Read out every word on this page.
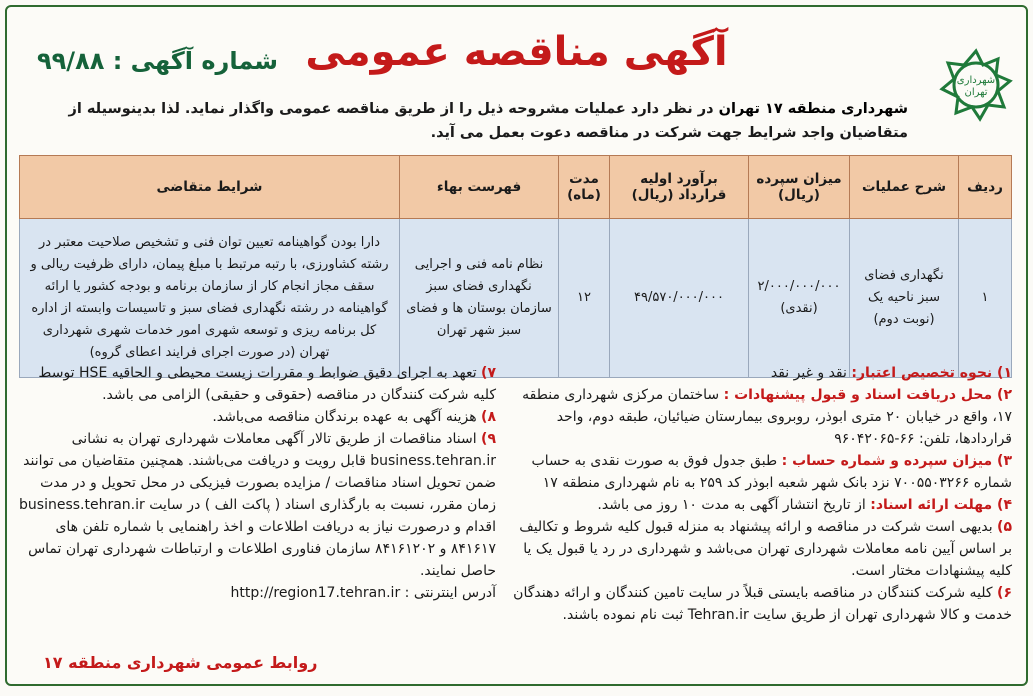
شهرداری
تهران
آگهی مناقصه عمومی
شماره آگهی : ۹۹/۸۸
شهرداری منطقه ۱۷ تهران در نظر دارد عملیات مشروحه ذیل را از طریق مناقصه عمومی واگذار نماید. لذا بدینوسیله از متقاضیان واجد شرایط جهت شرکت در مناقصه دعوت بعمل می آید.
ردیف	شرح عملیات	میزان سپرده (ریال)	برآورد اولیه قرارداد (ریال)	مدت (ماه)	فهرست بهاء	شرایط متقاضی
۱	نگهداری فضای سبز ناحیه یک (نوبت دوم)	۲/۰۰۰/۰۰۰/۰۰۰ (نقدی)	۴۹/۵۷۰/۰۰۰/۰۰۰	۱۲	نظام نامه فنی و اجرایی نگهداری فضای سبز سازمان بوستان ها و فضای سبز شهر تهران	دارا بودن گواهینامه تعیین توان فنی و تشخیص صلاحیت معتبر در رشته کشاورزی، با رتبه مرتبط با مبلغ پیمان، دارای ظرفیت ریالی و سقف مجاز انجام کار از سازمان برنامه و بودجه کشور یا ارائه گواهینامه در رشته نگهداری فضای سبز و تاسیسات وابسته از اداره کل برنامه ریزی و توسعه شهری امور خدمات شهری شهرداری تهران (در صورت اجرای فرایند اعطای گروه)
۱) نحوه تخصیص اعتبار: نقد و غیر نقد
۲) محل دریافت اسناد و قبول پیشنهادات : ساختمان مرکزی شهرداری منطقه ۱۷، واقع در خیابان ۲۰ متری ابوذر، روبروی بیمارستان ضیائیان، طبقه دوم، واحد قراردادها، تلفن: ۶۶-۹۶۰۴۲۰۶۵
۳) میزان سپرده و شماره حساب : طبق جدول فوق به صورت نقدی به حساب شماره ۷۰۰۵۵۰۳۲۶۶ نزد بانک شهر شعبه ابوذر کد ۲۵۹ به نام شهرداری منطقه ۱۷
۴) مهلت ارائه اسناد: از تاریخ انتشار آگهی به مدت ۱۰ روز می باشد.
۵) بدیهی است شرکت در مناقصه و ارائه پیشنهاد به منزله قبول کلیه شروط و تکالیف بر اساس آیین نامه معاملات شهرداری تهران می‌باشد و شهرداری در رد یا قبول یک یا کلیه پیشنهادات مختار است.
۶) کلیه شرکت کنندگان در مناقصه بایستی قبلاً در سایت تامین کنندگان و ارائه دهندگان خدمت و کالا شهرداری تهران از طریق سایت Tehran.ir ثبت نام نموده باشند.
۷) تعهد به اجرای دقیق ضوابط و مقررات زیست محیطی و الحاقیه HSE توسط کلیه شرکت کنندگان در مناقصه (حقوقی و حقیقی) الزامی می باشد.
۸) هزینه آگهی به عهده برندگان مناقصه می‌باشد.
۹) اسناد مناقصات از طریق تالار آگهی معاملات شهرداری تهران به نشانی business.tehran.ir قابل رویت و دریافت می‌باشند. همچنین متقاضیان می توانند ضمن تحویل اسناد مناقصات / مزایده بصورت فیزیکی در محل تحویل و در مدت زمان مقرر، نسبت به بارگذاری اسناد ( پاکت الف ) در سایت business.tehran.ir اقدام و درصورت نیاز به دریافت اطلاعات و اخذ راهنمایی با شماره تلفن های ۸۴۱۶۱۷ و ۸۴۱۶۱۲۰۲ سازمان فناوری اطلاعات و ارتباطات شهرداری تهران تماس حاصل نمایند.
آدرس اینترنتی : http://region17.tehran.ir
روابط عمومی شهرداری منطقه ۱۷
